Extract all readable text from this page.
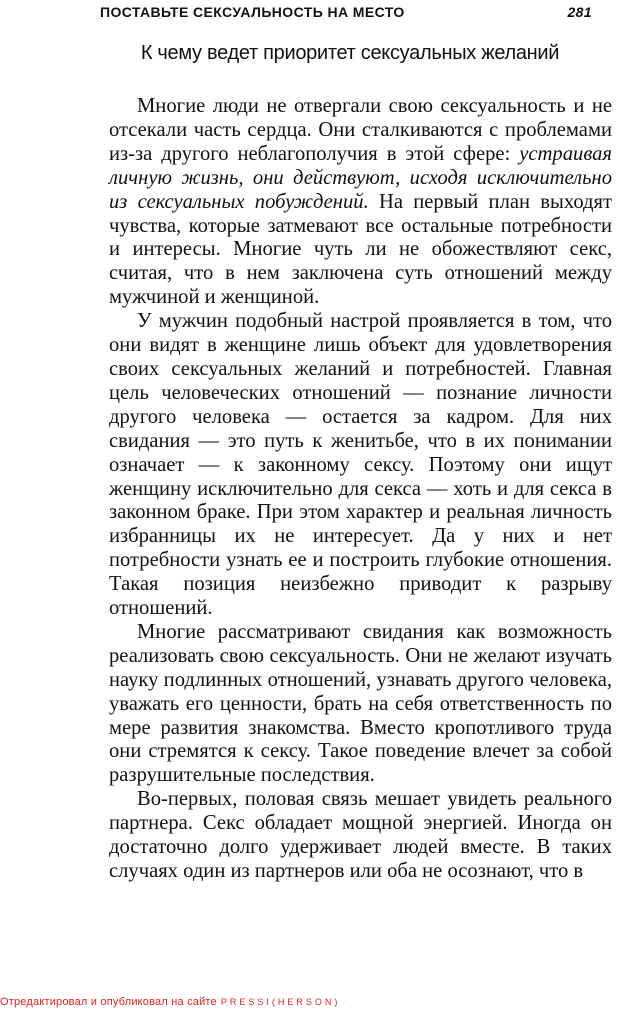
ПОСТАВЬТЕ СЕКСУАЛЬНОСТЬ НА МЕСТО	281
К чему ведет приоритет сексуальных желаний

Многие люди не отвергали свою сексуальность и не отсекали часть сердца. Они сталкиваются с проблемами из-за другого неблагополучия в этой сфере: устраивая личную жизнь, они действуют, исходя исключительно из сексуальных побуждений. На первый план выходят чувства, которые затмевают все остальные потребности и интересы. Многие чуть ли не обожествляют секс, считая, что в нем заключена суть отношений между мужчиной и женщиной.

У мужчин подобный настрой проявляется в том, что они видят в женщине лишь объект для удовлетворения своих сексуальных желаний и потребностей. Главная цель человеческих отношений — познание личности другого человека — остается за кадром. Для них свидания — это путь к женитьбе, что в их понимании означает — к законному сексу. Поэтому они ищут женщину исключительно для секса — хоть и для секса в законном браке. При этом характер и реальная личность избранницы их не интересует. Да у них и нет потребности узнать ее и построить глубокие отношения. Такая позиция неизбежно приводит к разрыву отношений.

Многие рассматривают свидания как возможность реализовать свою сексуальность. Они не желают изучать науку подлинных отношений, узнавать другого человека, уважать его ценности, брать на себя ответственность по мере развития знакомства. Вместо кропотливого труда они стремятся к сексу. Такое поведение влечет за собой разрушительные последствия.

Во-первых, половая связь мешает увидеть реального партнера. Секс обладает мощной энергией. Иногда он достаточно долго удерживает людей вместе. В таких случаях один из партнеров или оба не осознают, что в

Отредактировал и опубликовал на сайте PRESSI(HERSON)
